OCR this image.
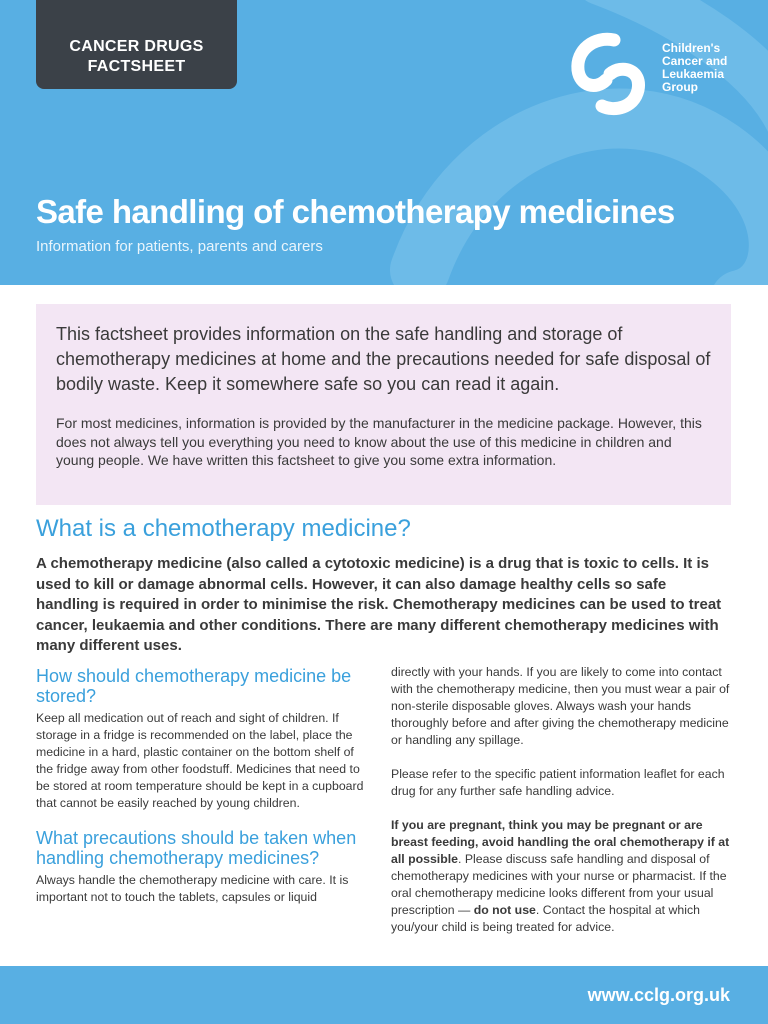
CANCER DRUGS
FACTSHEET
Children's
Cancer and
Leukaemia
Group
Safe handling of chemotherapy medicines
Information for patients, parents and carers

This factsheet provides information on the safe handling and storage of chemotherapy medicines at home and the precautions needed for safe disposal of bodily waste. Keep it somewhere safe so you can read it again.

For most medicines, information is provided by the manufacturer in the medicine package. However, this does not always tell you everything you need to know about the use of this medicine in children and young people. We have written this factsheet to give you some extra information.

What is a chemotherapy medicine?

A chemotherapy medicine (also called a cytotoxic medicine) is a drug that is toxic to cells. It is used to kill or damage abnormal cells. However, it can also damage healthy cells so safe handling is required in order to minimise the risk. Chemotherapy medicines can be used to treat cancer, leukaemia and other conditions. There are many different chemotherapy medicines with many different uses.

How should chemotherapy medicine be stored?

Keep all medication out of reach and sight of children. If storage in a fridge is recommended on the label, place the medicine in a hard, plastic container on the bottom shelf of the fridge away from other foodstuff. Medicines that need to be stored at room temperature should be kept in a cupboard that cannot be easily reached by young children.

What precautions should be taken when handling chemotherapy medicines?

Always handle the chemotherapy medicine with care. It is important not to touch the tablets, capsules or liquid

directly with your hands. If you are likely to come into contact with the chemotherapy medicine, then you must wear a pair of non-sterile disposable gloves. Always wash your hands thoroughly before and after giving the chemotherapy medicine or handling any spillage.

Please refer to the specific patient information leaflet for each drug for any further safe handling advice.

If you are pregnant, think you may be pregnant or are breast feeding, avoid handling the oral chemotherapy if at all possible. Please discuss safe handling and disposal of chemotherapy medicines with your nurse or pharmacist. If the oral chemotherapy medicine looks different from your usual prescription — do not use. Contact the hospital at which you/your child is being treated for advice.

www.cclg.org.uk
